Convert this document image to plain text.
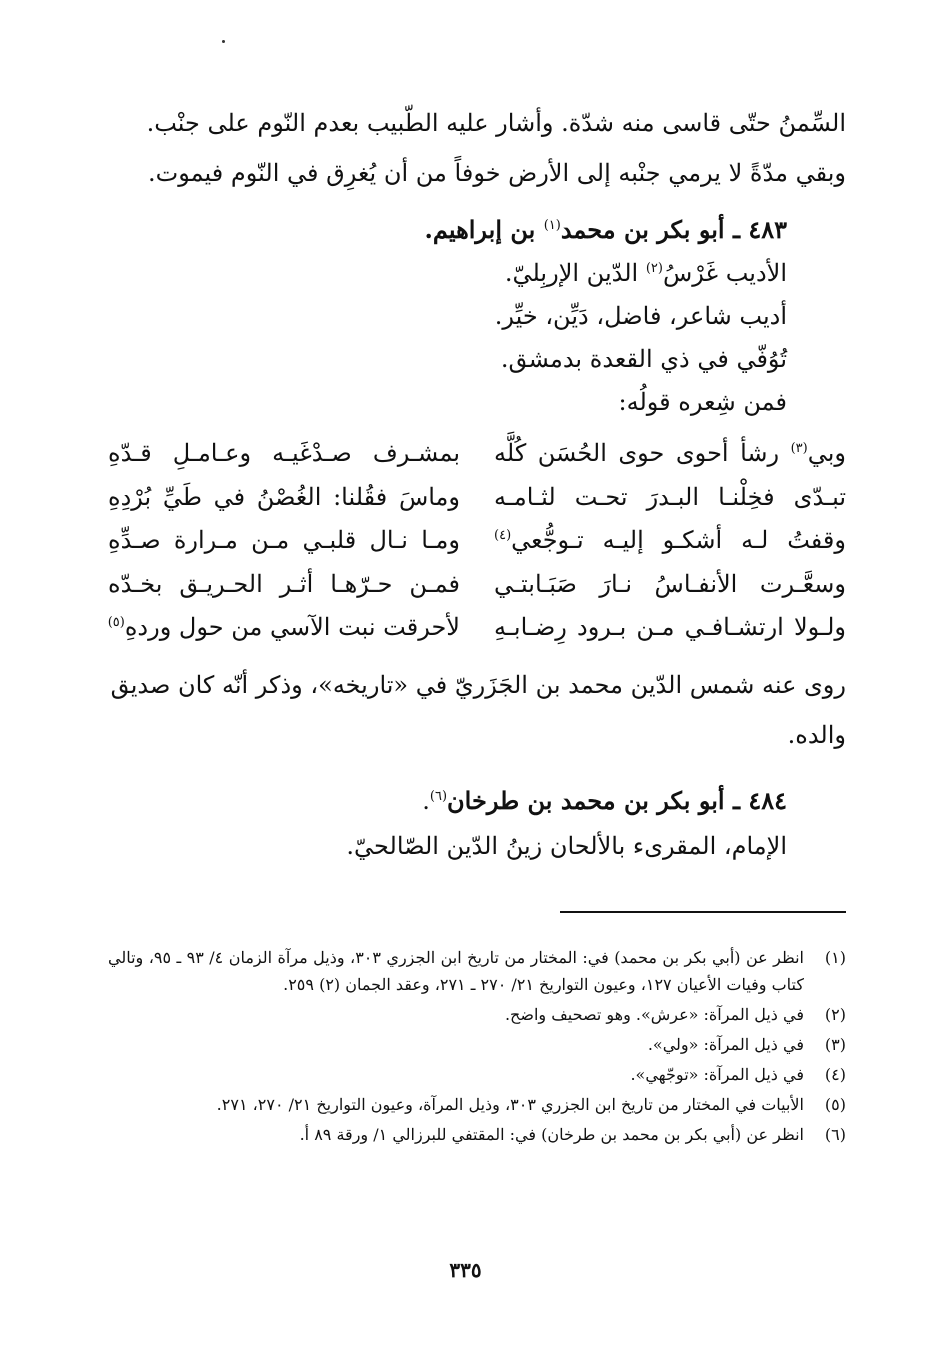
السِّمنُ حتّى قاسى منه شدّة. وأشار عليه الطّبيب بعدم النّوم على جنْب. وبقي مدّةً لا يرمي جنْبه إلى الأرض خوفاً من أن يُغرِق في النّوم فيموت.
٤٨٣ ـ أبو بكر بن محمد$^{(١)}$ بن إبراهيم.
الأديب غَرْسُ$^{(٢)}$ الدّين الإربِليّ.
أديب شاعر، فاضل، دَيِّن، خيِّر.
تُوُفّي في ذي القعدة بدمشق.
فمن شِعره قولُه:
وبي$^{(٣)}$ رشأ أحوى حوى الحُسَن كُلَّه
بمشـرف صـدْغَيـه وعـامـلِ قـدّهِ
تبـدّى فخِلْنـا البـدرَ تحـت لثـامـه
وماسَ فقُلنا: الغُصْنُ في طَيِّ بُرْدِهِ
وقفتُ لـه أشكـو إليـه تـوجُّعي$^{(٤)}$
ومـا نـال قلبـي مـن مـرارة صـدِّهِ
وسعَّـرت الأنفـاسُ نـارَ صَبَـابتـي
فمـن حـرّهـا أثـر الحـريـق بخـدّه
ولـولا ارتشـافـي مـن بـرود رِضـابـهِ
لأحرقت نبت الآسي من حول وردهِ$^{(٥)}$
روى عنه شمس الدّين محمد بن الجَزَريّ في «تاريخه»، وذكر أنّه كان صديق والده.
٤٨٤ ـ أبو بكر بن محمد بن طرخان$^{(٦)}$.
الإمام، المقرىء بالألحان زينُ الدّين الصّالحيّ.
(١)
انظر عن (أبي بكر بن محمد) في: المختار من تاريخ ابن الجزري ٣٠٣، وذيل مرآة الزمان ٤/ ٩٣ ـ ٩٥، وتالي كتاب وفيات الأعيان ١٢٧، وعيون التواريخ ٢١/ ٢٧٠ ـ ٢٧١، وعقد الجمان (٢) ٢٥٩.
(٢)
في ذيل المرآة: «عرش». وهو تصحيف واضح.
(٣)
في ذيل المرآة: «ولي».
(٤)
في ذيل المرآة: «توجّهي».
(٥)
الأبيات في المختار من تاريخ ابن الجزري ٣٠٣، وذيل المرآة، وعيون التواريخ ٢١/ ٢٧٠، ٢٧١.
(٦)
انظر عن (أبي بكر بن محمد بن طرخان) في: المقتفي للبرزالي ١/ ورقة ٨٩ أ.
٣٣٥
